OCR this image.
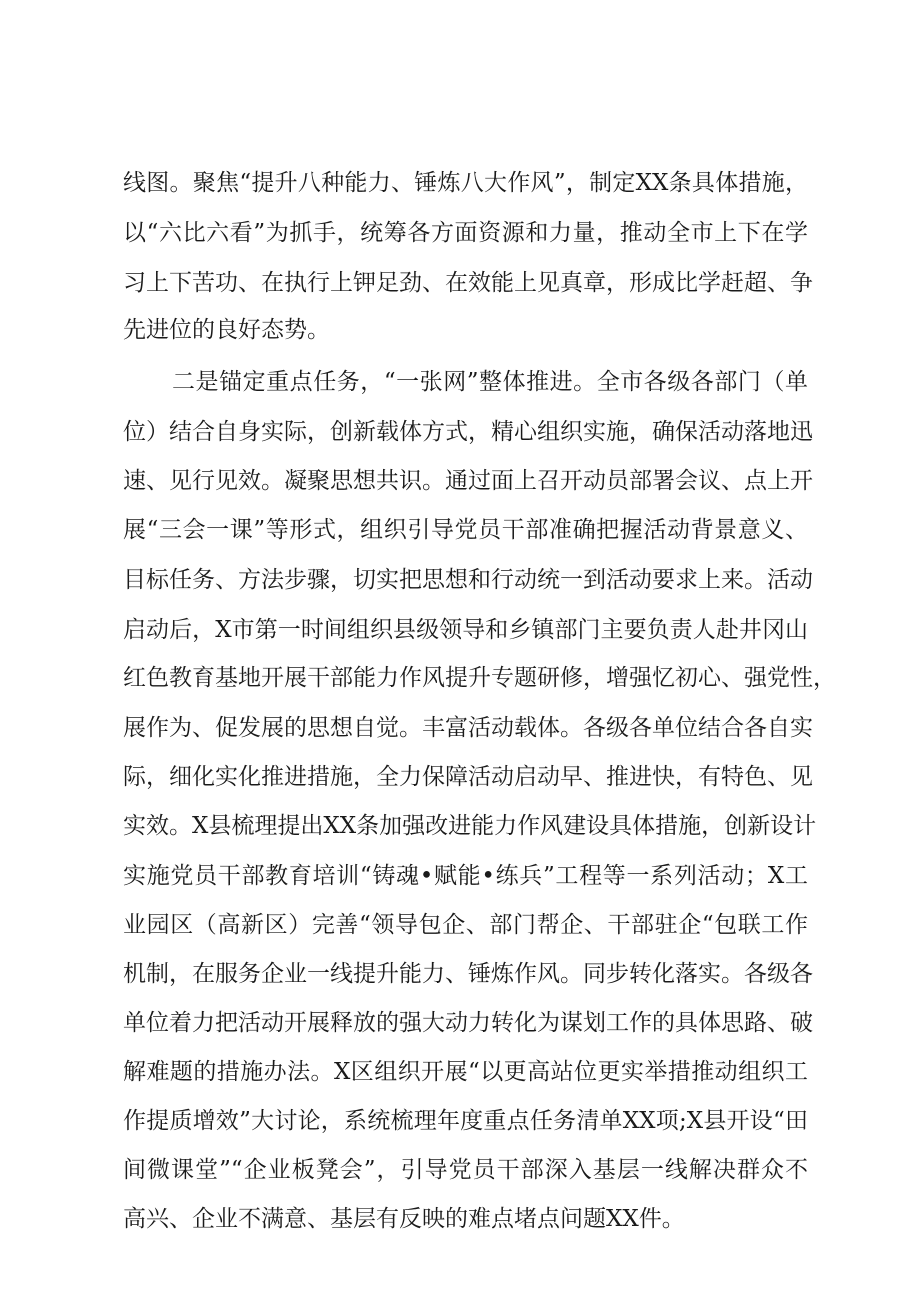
线图。聚焦“提升八种能力、锤炼八大作风”，制定XX条具体措施，
以“六比六看”为抓手，统筹各方面资源和力量，推动全市上下在学
习上下苦功、在执行上钾足劲、在效能上见真章，形成比学赶超、争
先进位的良好态势。
二是锚定重点任务，“一张网”整体推进。全市各级各部门（单
位）结合自身实际，创新载体方式，精心组织实施，确保活动落地迅
速、见行见效。凝聚思想共识。通过面上召开动员部署会议、点上开
展“三会一课”等形式，组织引导党员干部准确把握活动背景意义、
目标任务、方法步骤，切实把思想和行动统一到活动要求上来。活动
启动后，X市第一时间组织县级领导和乡镇部门主要负责人赴井冈山
红色教育基地开展干部能力作风提升专题研修，增强忆初心、强党性，
展作为、促发展的思想自觉。丰富活动载体。各级各单位结合各自实
际，细化实化推进措施，全力保障活动启动早、推进快，有特色、见
实效。X县梳理提出XX条加强改进能力作风建设具体措施，创新设计
实施党员干部教育培训“铸魂•赋能•练兵”工程等一系列活动；X工
业园区（高新区）完善“领导包企、部门帮企、干部驻企“包联工作
机制，在服务企业一线提升能力、锤炼作风。同步转化落实。各级各
单位着力把活动开展释放的强大动力转化为谋划工作的具体思路、破
解难题的措施办法。X区组织开展“以更高站位更实举措推动组织工
作提质增效”大讨论，系统梳理年度重点任务清单XX项;X县开设“田
间微课堂”“企业板凳会”，引导党员干部深入基层一线解决群众不
高兴、企业不满意、基层有反映的难点堵点问题XX件。
